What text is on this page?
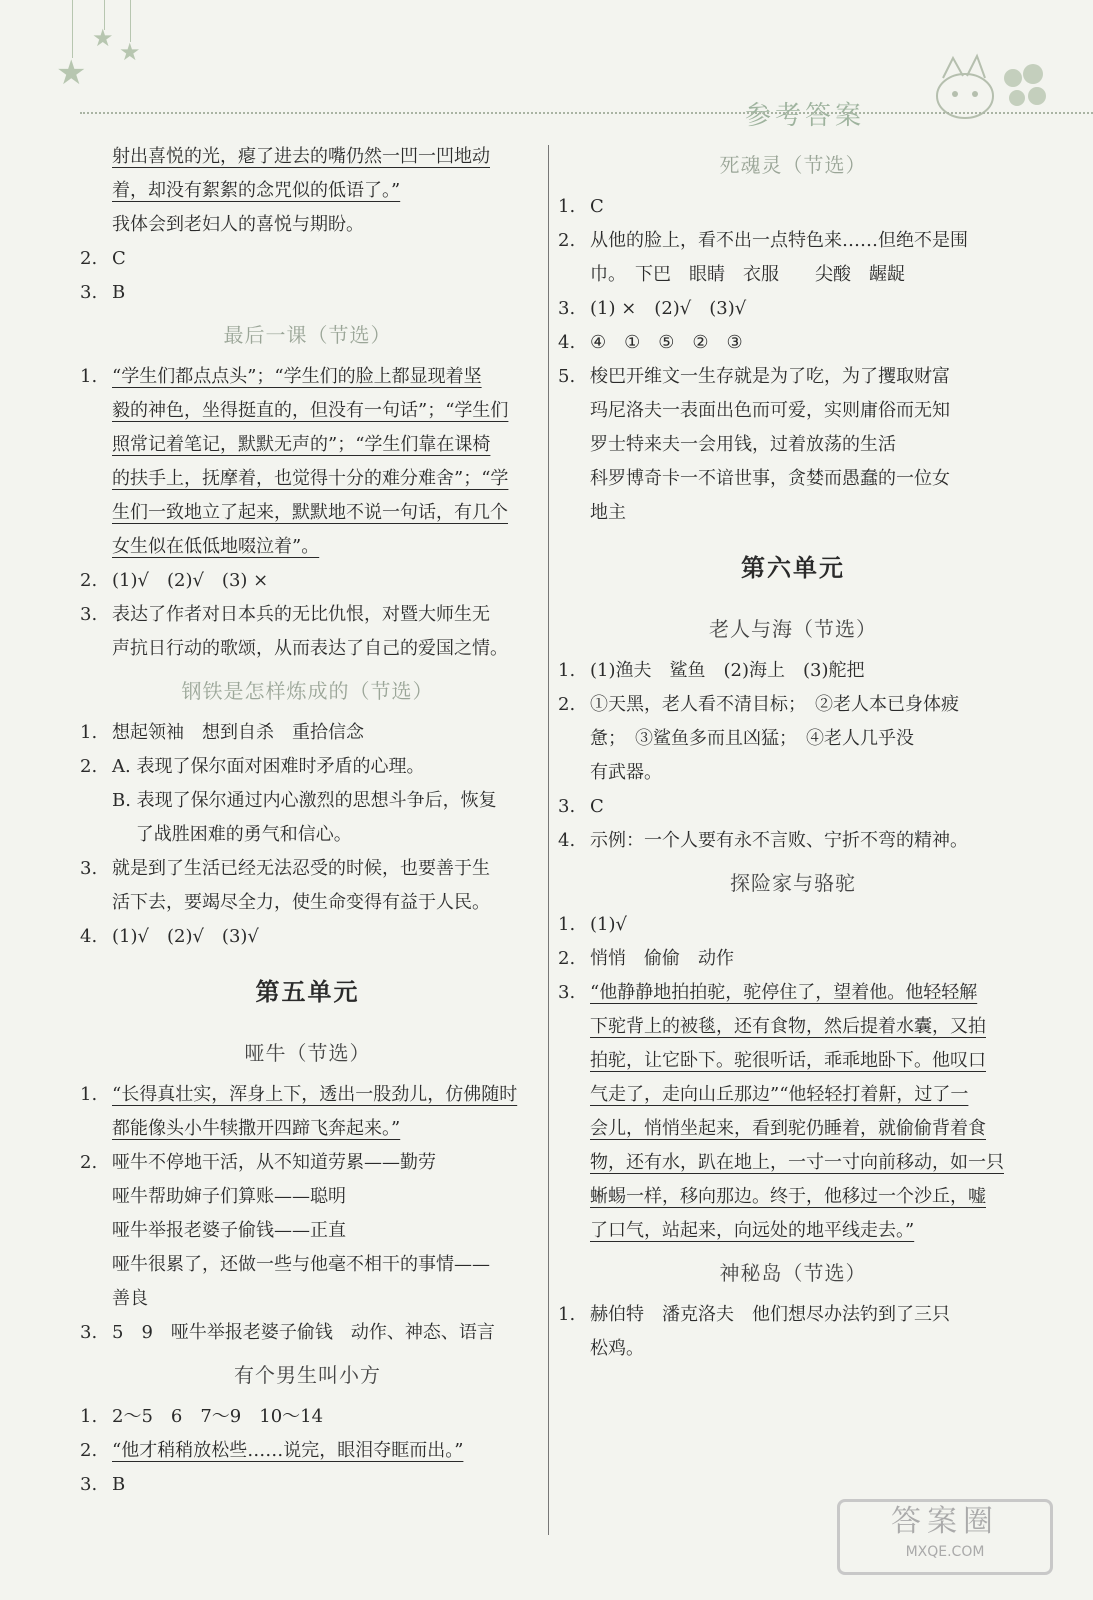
★
★ ★
参考答案
射出喜悦的光，瘪了进去的嘴仍然一凹一凹地动
着，却没有絮絮的念咒似的低语了。”
我体会到老妇人的喜悦与期盼。
2. C
3. B
最后一课（节选）
1. “学生们都点点头”；“学生们的脸上都显现着坚
毅的神色，坐得挺直的，但没有一句话”；“学生们
照常记着笔记，默默无声的”；“学生们靠在课椅
的扶手上，抚摩着，也觉得十分的难分难舍”；“学
生们一致地立了起来，默默地不说一句话，有几个
女生似在低低地啜泣着”。
2. (1)√　(2)√　(3) ×
3. 表达了作者对日本兵的无比仇恨，对暨大师生无
声抗日行动的歌颂，从而表达了自己的爱国之情。
钢铁是怎样炼成的（节选）
1. 想起领袖　想到自杀　重拾信念
2. A. 表现了保尔面对困难时矛盾的心理。
B. 表现了保尔通过内心激烈的思想斗争后，恢复
　 了战胜困难的勇气和信心。
3. 就是到了生活已经无法忍受的时候，也要善于生
活下去，要竭尽全力，使生命变得有益于人民。
4. (1)√　(2)√　(3)√
第五单元
哑牛（节选）
1. “长得真壮实，浑身上下，透出一股劲儿，仿佛随时
都能像头小牛犊撒开四蹄飞奔起来。”
2. 哑牛不停地干活，从不知道劳累——勤劳
哑牛帮助婶子们算账——聪明
哑牛举报老婆子偷钱——正直
哑牛很累了，还做一些与他毫不相干的事情——
善良
3. 5　9　哑牛举报老婆子偷钱　动作、神态、语言
有个男生叫小方
1. 2～5　6　7～9　10～14
2. “他才稍稍放松些……说完，眼泪夺眶而出。”
3. B
死魂灵（节选）
1. C
2. 从他的脸上，看不出一点特色来……但绝不是围
巾。　下巴　眼睛　衣服　　尖酸　龌龊
3. (1) ×　(2)√　(3)√
4. ④　①　⑤　②　③
5. 梭巴开维文一生存就是为了吃，为了攫取财富
玛尼洛夫一表面出色而可爱，实则庸俗而无知
罗士特来夫一会用钱，过着放荡的生活
科罗博奇卡一不谙世事，贪婪而愚蠢的一位女
地主
第六单元
老人与海（节选）
1. (1)渔夫　鲨鱼　(2)海上　(3)舵把
2. ①天黑，老人看不清目标；　②老人本已身体疲
惫；　③鲨鱼多而且凶猛；　④老人几乎没
有武器。
3. C
4. 示例：一个人要有永不言败、宁折不弯的精神。
探险家与骆驼
1. (1)√
2. 悄悄　偷偷　动作
3. “他静静地拍拍驼，驼停住了，望着他。他轻轻解
下驼背上的被毯，还有食物，然后提着水囊，又拍
拍驼，让它卧下。驼很听话，乖乖地卧下。他叹口
气走了，走向山丘那边”“他轻轻打着鼾，过了一
会儿，悄悄坐起来，看到驼仍睡着，就偷偷背着食
物，还有水，趴在地上，一寸一寸向前移动，如一只
蜥蜴一样，移向那边。终于，他移过一个沙丘，嘘
了口气，站起来，向远处的地平线走去。”
神秘岛（节选）
1. 赫伯特　潘克洛夫　他们想尽办法钓到了三只
松鸡。
答案圈
MXQE.COM
